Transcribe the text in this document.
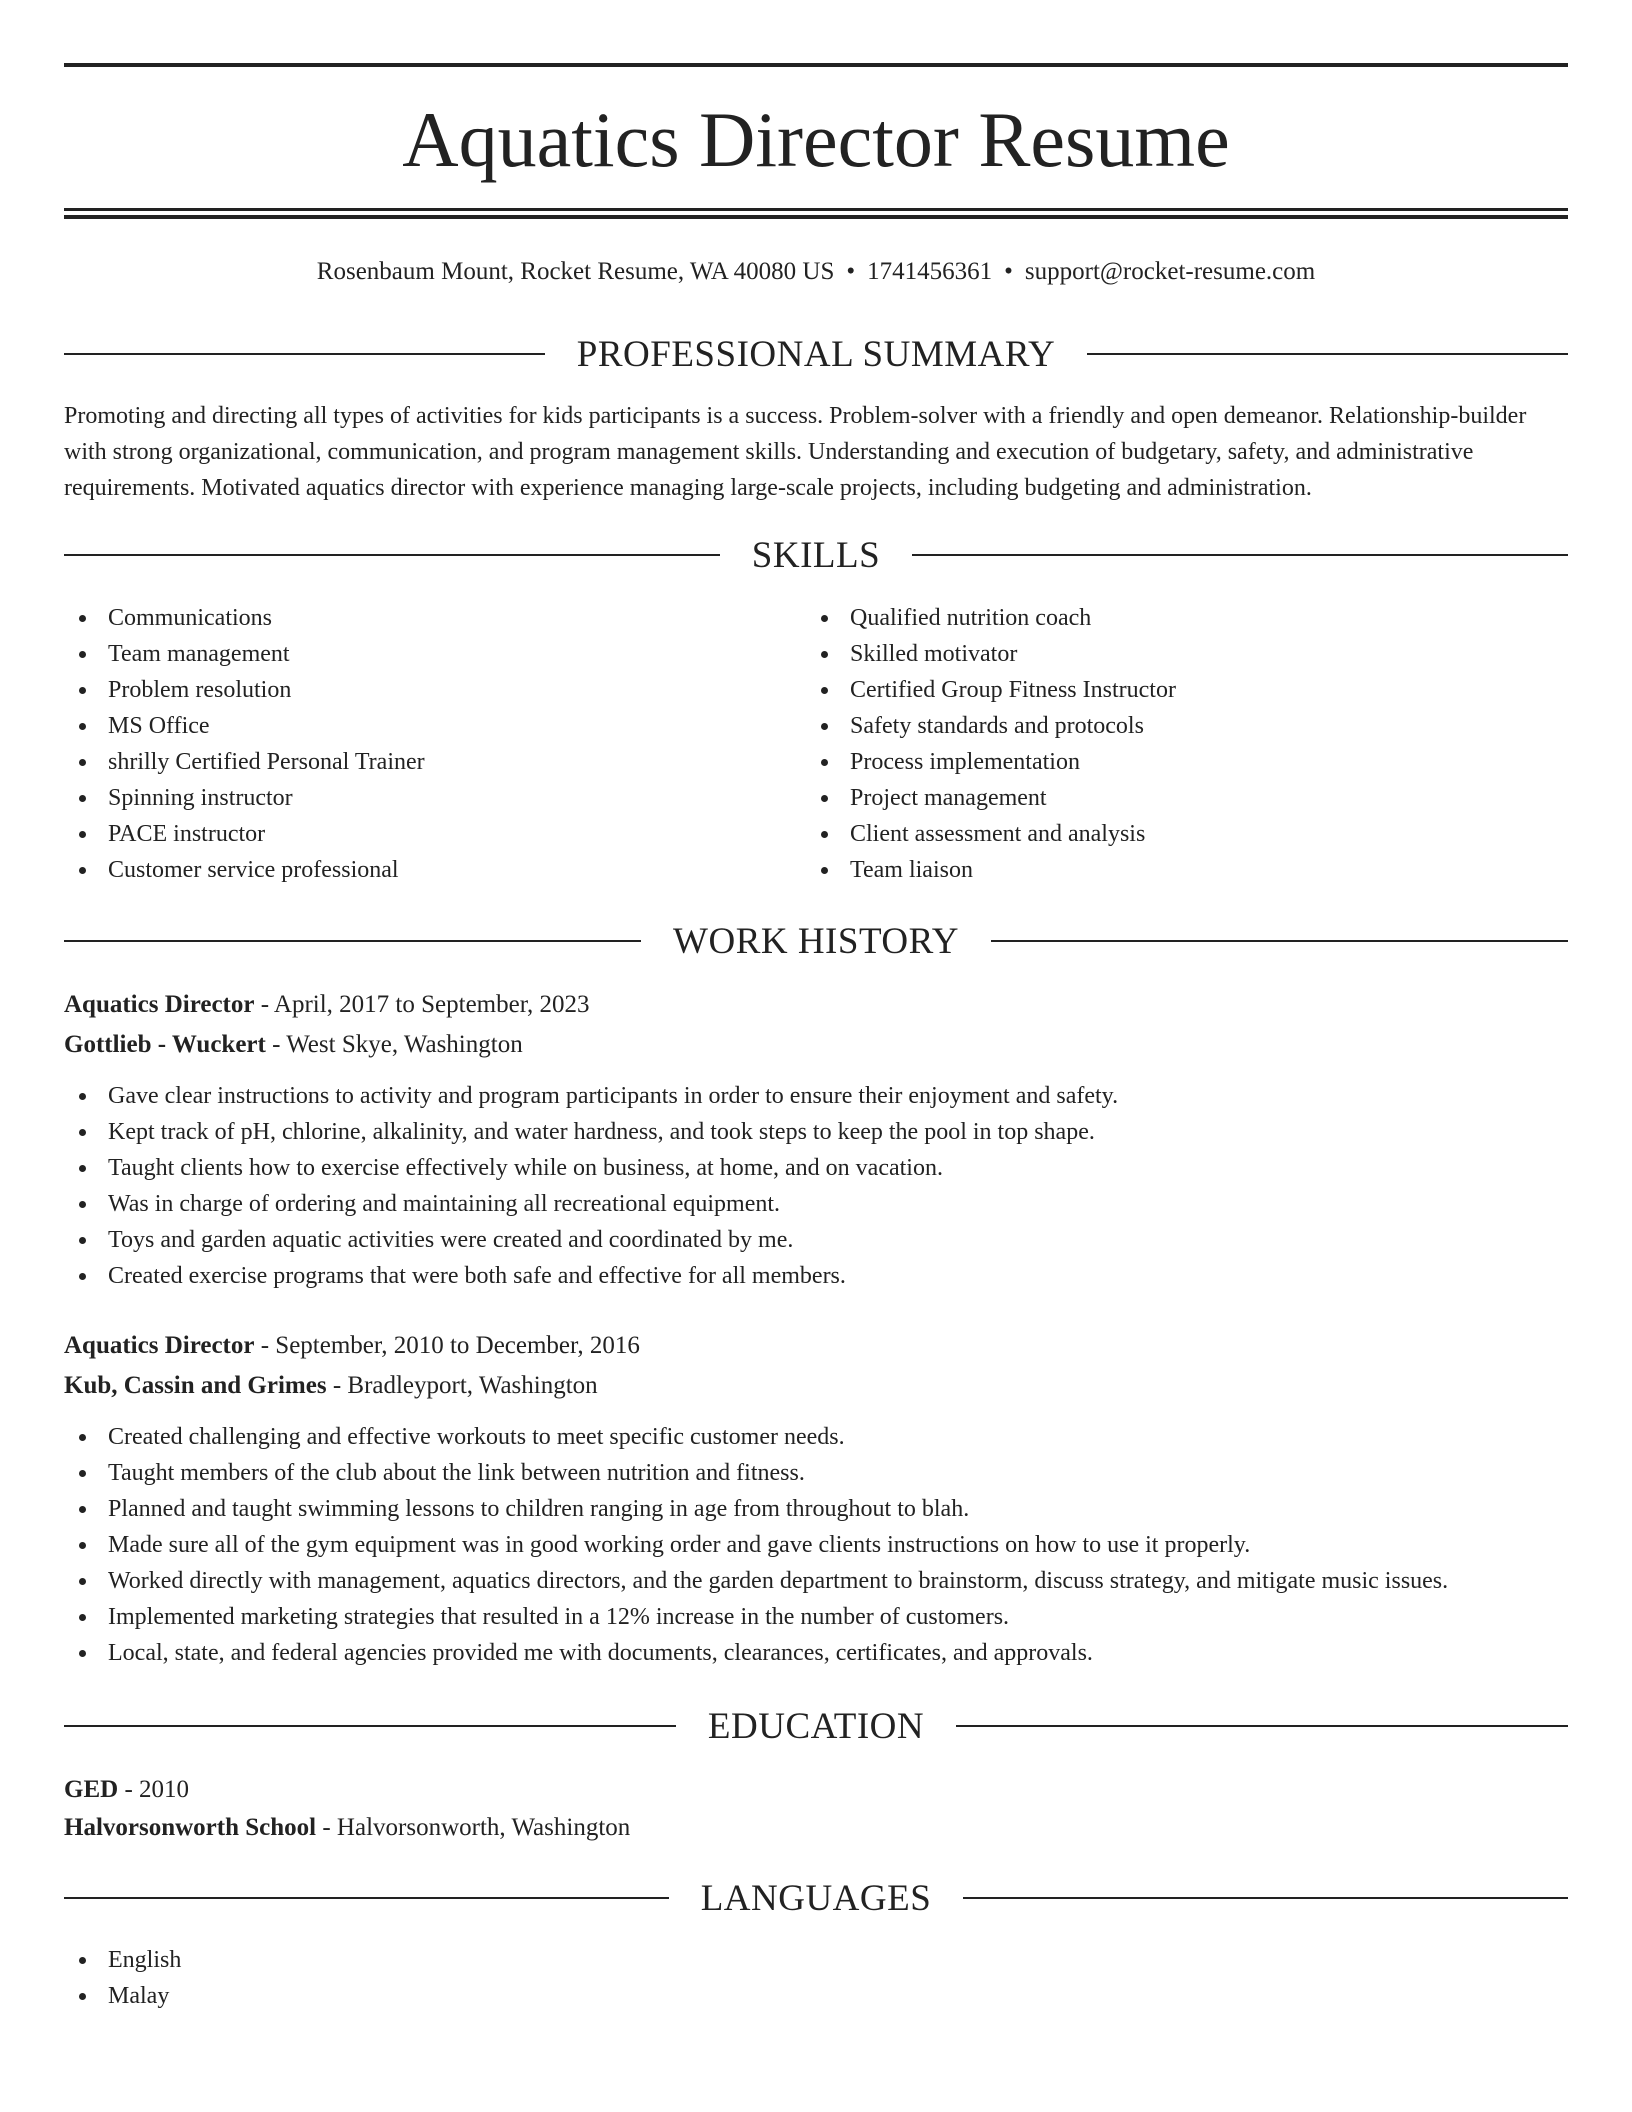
Aquatics Director Resume
Rosenbaum Mount, Rocket Resume, WA 40080 US • 1741456361 • support@rocket-resume.com
PROFESSIONAL SUMMARY
Promoting and directing all types of activities for kids participants is a success. Problem-solver with a friendly and open demeanor. Relationship-builder with strong organizational, communication, and program management skills. Understanding and execution of budgetary, safety, and administrative requirements. Motivated aquatics director with experience managing large-scale projects, including budgeting and administration.
SKILLS
Communications
Team management
Problem resolution
MS Office
shrilly Certified Personal Trainer
Spinning instructor
PACE instructor
Customer service professional
Qualified nutrition coach
Skilled motivator
Certified Group Fitness Instructor
Safety standards and protocols
Process implementation
Project management
Client assessment and analysis
Team liaison
WORK HISTORY
Aquatics Director - April, 2017 to September, 2023
Gottlieb - Wuckert - West Skye, Washington
Gave clear instructions to activity and program participants in order to ensure their enjoyment and safety.
Kept track of pH, chlorine, alkalinity, and water hardness, and took steps to keep the pool in top shape.
Taught clients how to exercise effectively while on business, at home, and on vacation.
Was in charge of ordering and maintaining all recreational equipment.
Toys and garden aquatic activities were created and coordinated by me.
Created exercise programs that were both safe and effective for all members.
Aquatics Director - September, 2010 to December, 2016
Kub, Cassin and Grimes - Bradleyport, Washington
Created challenging and effective workouts to meet specific customer needs.
Taught members of the club about the link between nutrition and fitness.
Planned and taught swimming lessons to children ranging in age from throughout to blah.
Made sure all of the gym equipment was in good working order and gave clients instructions on how to use it properly.
Worked directly with management, aquatics directors, and the garden department to brainstorm, discuss strategy, and mitigate music issues.
Implemented marketing strategies that resulted in a 12% increase in the number of customers.
Local, state, and federal agencies provided me with documents, clearances, certificates, and approvals.
EDUCATION
GED - 2010
Halvorsonworth School - Halvorsonworth, Washington
LANGUAGES
English
Malay
